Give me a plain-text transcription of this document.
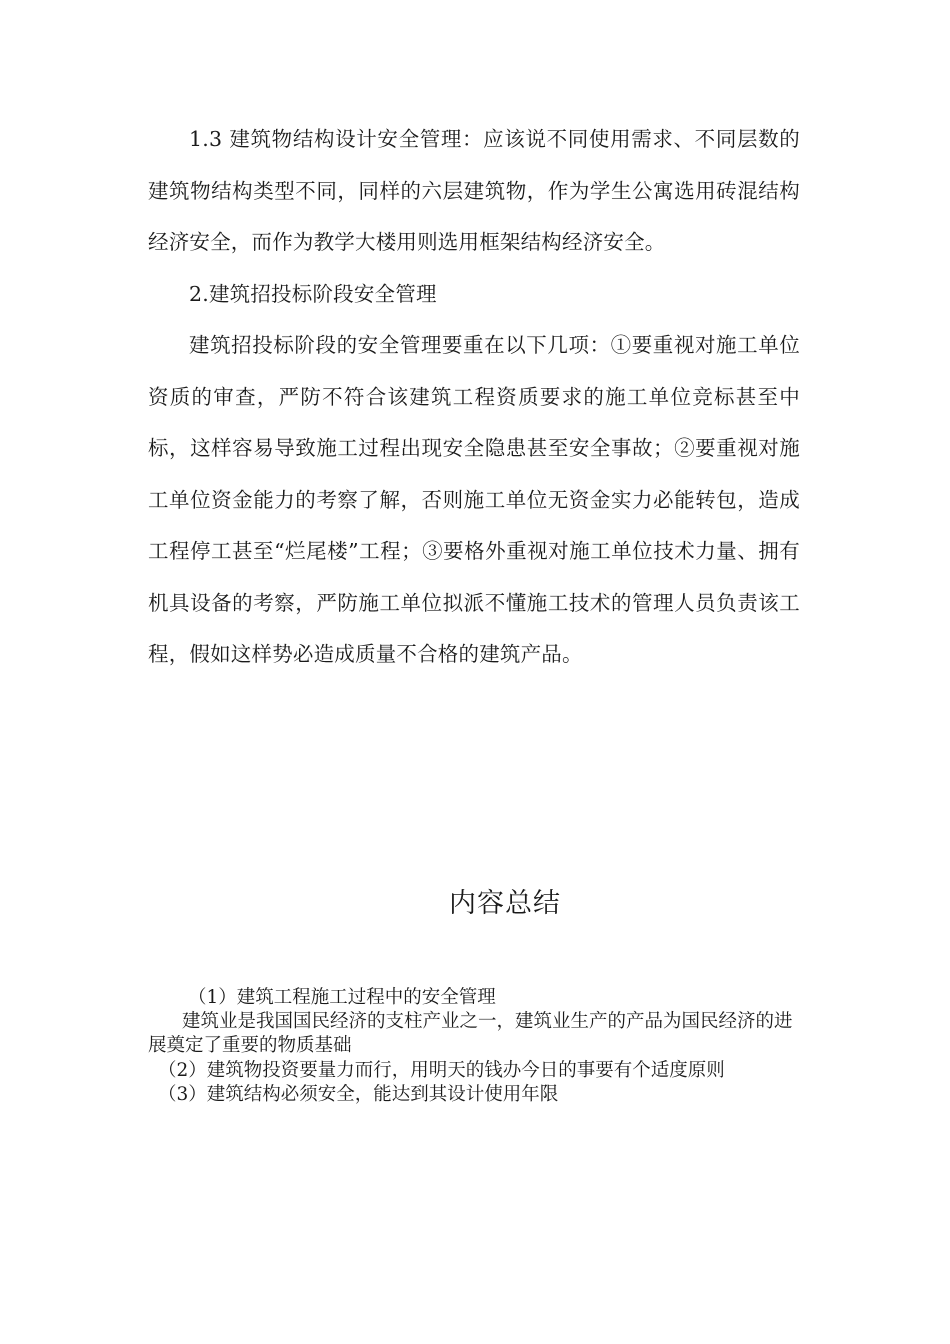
1.3 建筑物结构设计安全管理：应该说不同使用需求、不同层数的建筑物结构类型不同，同样的六层建筑物，作为学生公寓选用砖混结构经济安全，而作为教学大楼用则选用框架结构经济安全。

2.建筑招投标阶段安全管理

建筑招投标阶段的安全管理要重在以下几项：①要重视对施工单位资质的审查，严防不符合该建筑工程资质要求的施工单位竞标甚至中标，这样容易导致施工过程出现安全隐患甚至安全事故；②要重视对施工单位资金能力的考察了解，否则施工单位无资金实力必能转包，造成工程停工甚至“烂尾楼”工程；③要格外重视对施工单位技术力量、拥有机具设备的考察，严防施工单位拟派不懂施工技术的管理人员负责该工程，假如这样势必造成质量不合格的建筑产品。

内容总结

（1）建筑工程施工过程中的安全管理

建筑业是我国国民经济的支柱产业之一，建筑业生产的产品为国民经济的进展奠定了重要的物质基础

（2）建筑物投资要量力而行，用明天的钱办今日的事要有个适度原则

（3）建筑结构必须安全，能达到其设计使用年限
